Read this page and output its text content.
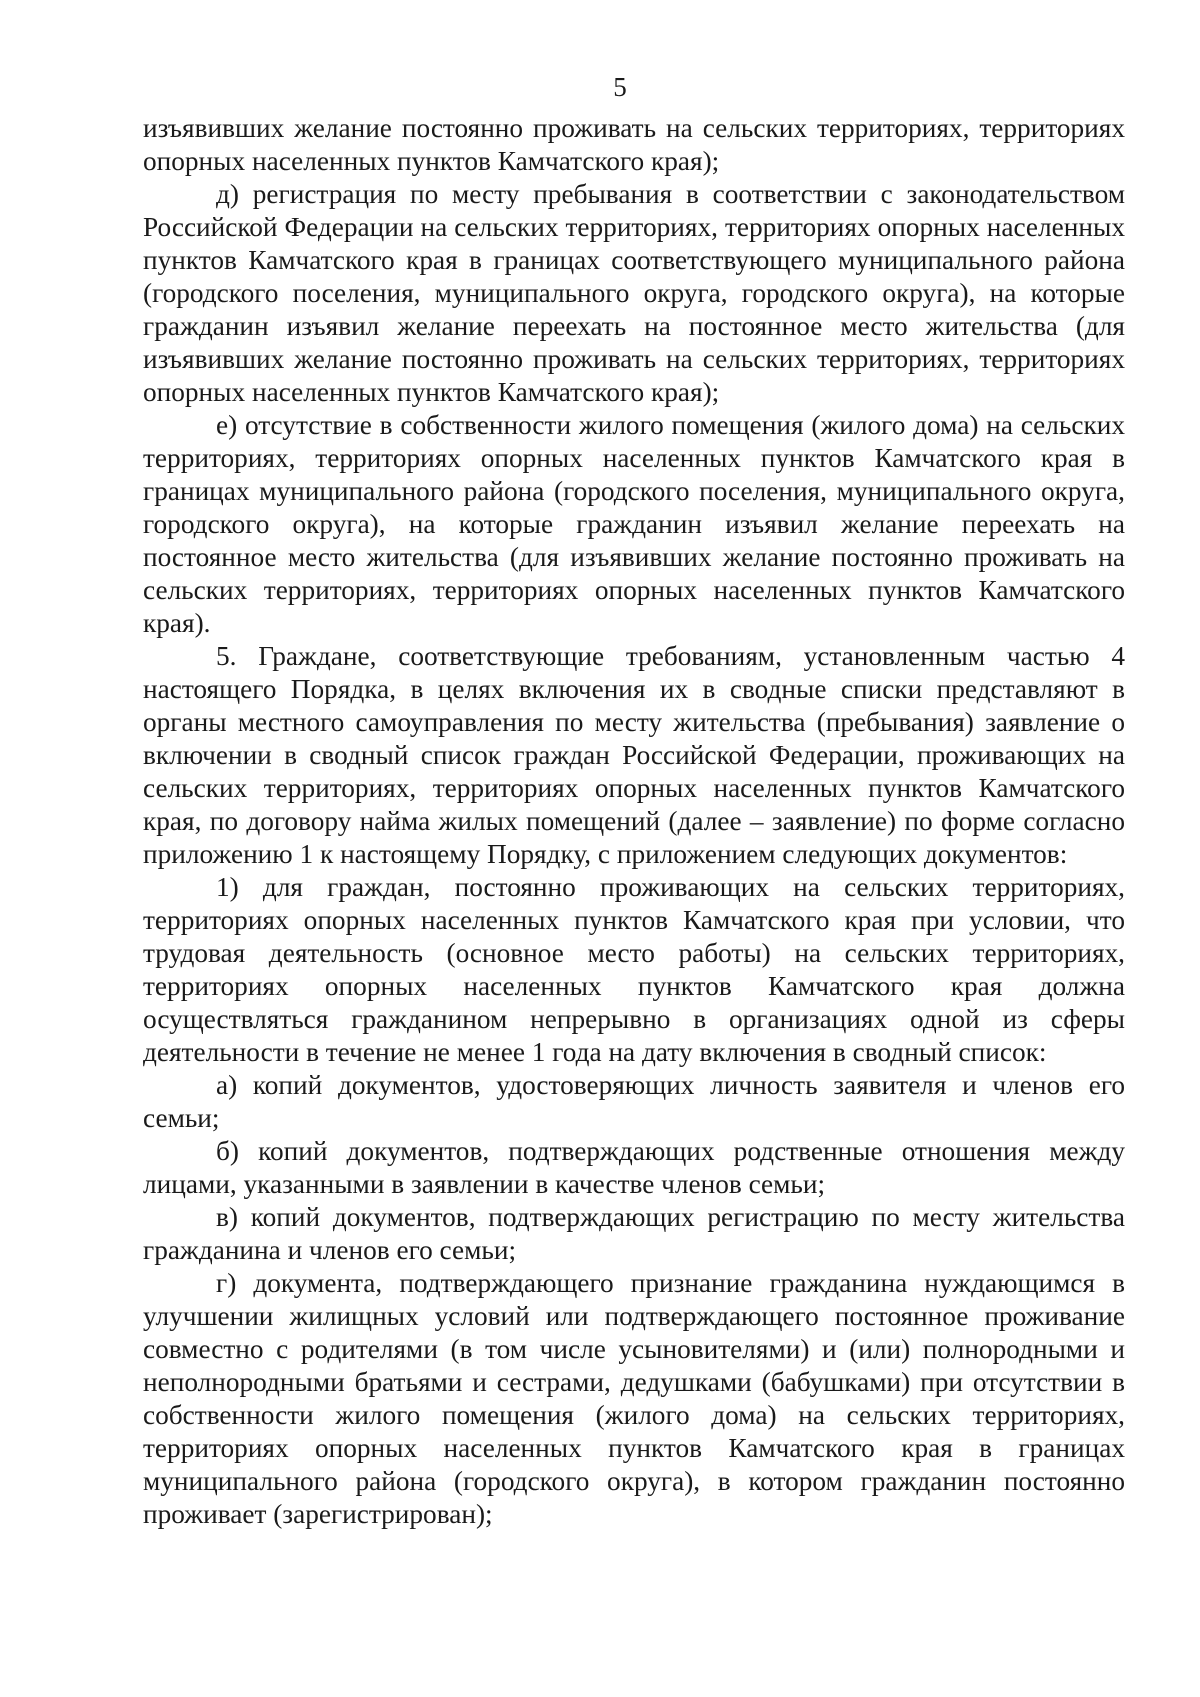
5

изъявивших желание постоянно проживать на сельских территориях, территориях опорных населенных пунктов Камчатского края);

д) регистрация по месту пребывания в соответствии с законодательством Российской Федерации на сельских территориях, территориях опорных населенных пунктов Камчатского края в границах соответствующего муниципального района (городского поселения, муниципального округа, городского округа), на которые гражданин изъявил желание переехать на постоянное место жительства (для изъявивших желание постоянно проживать на сельских территориях, территориях опорных населенных пунктов Камчатского края);

е) отсутствие в собственности жилого помещения (жилого дома) на сельских территориях, территориях опорных населенных пунктов Камчатского края в границах муниципального района (городского поселения, муниципального округа, городского округа), на которые гражданин изъявил желание переехать на постоянное место жительства (для изъявивших желание постоянно проживать на сельских территориях, территориях опорных населенных пунктов Камчатского края).

5. Граждане, соответствующие требованиям, установленным частью 4 настоящего Порядка, в целях включения их в сводные списки представляют в органы местного самоуправления по месту жительства (пребывания) заявление о включении в сводный список граждан Российской Федерации, проживающих на сельских территориях, территориях опорных населенных пунктов Камчатского края, по договору найма жилых помещений (далее – заявление) по форме согласно приложению 1 к настоящему Порядку, с приложением следующих документов:

1) для граждан, постоянно проживающих на сельских территориях, территориях опорных населенных пунктов Камчатского края при условии, что трудовая деятельность (основное место работы) на сельских территориях, территориях опорных населенных пунктов Камчатского края должна осуществляться гражданином непрерывно в организациях одной из сферы деятельности в течение не менее 1 года на дату включения в сводный список:

а) копий документов, удостоверяющих личность заявителя и членов его семьи;

б) копий документов, подтверждающих родственные отношения между лицами, указанными в заявлении в качестве членов семьи;

в) копий документов, подтверждающих регистрацию по месту жительства гражданина и членов его семьи;

г) документа, подтверждающего признание гражданина нуждающимся в улучшении жилищных условий или подтверждающего постоянное проживание совместно с родителями (в том числе усыновителями) и (или) полнородными и неполнородными братьями и сестрами, дедушками (бабушками) при отсутствии в собственности жилого помещения (жилого дома) на сельских территориях, территориях опорных населенных пунктов Камчатского края в границах муниципального района (городского округа), в котором гражданин постоянно проживает (зарегистрирован);
